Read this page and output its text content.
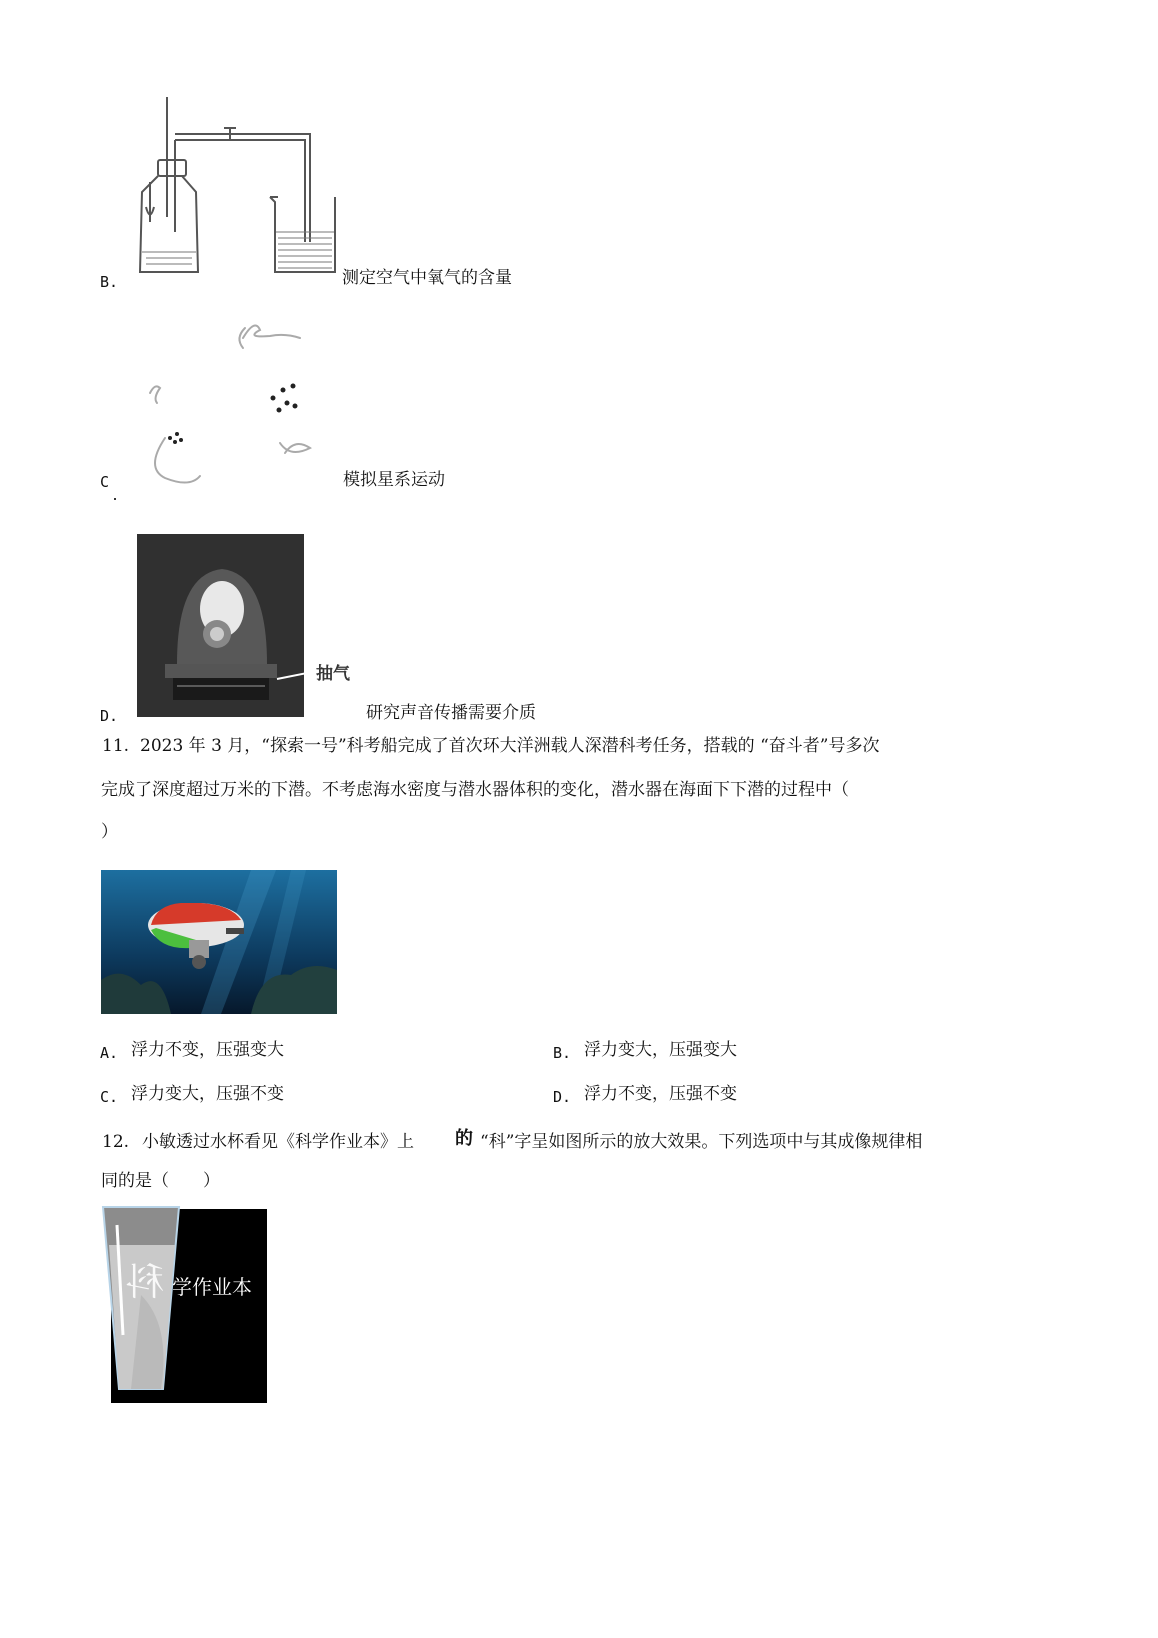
B.	测定空气中氧气的含量
C	模拟星系运动
抽气
D.	研究声音传播需要介质
11. 2023 年 3 月，“探索一号”科考船完成了首次环大洋洲载人深潜科考任务，搭载的 “奋斗者”号多次
完成了深度超过万米的下潜。不考虑海水密度与潜水器体积的变化，潜水器在海面下下潜的过程中（
）
A. 浮力不变，压强变大	B. 浮力变大，压强变大
C. 浮力变大，压强不变	D. 浮力不变，压强不变
12. 小敏透过水杯看见《科学作业本》上 的 “科”字呈如图所示的放大效果。下列选项中与其成像规律相
同的是（　　）
科 学作业本
